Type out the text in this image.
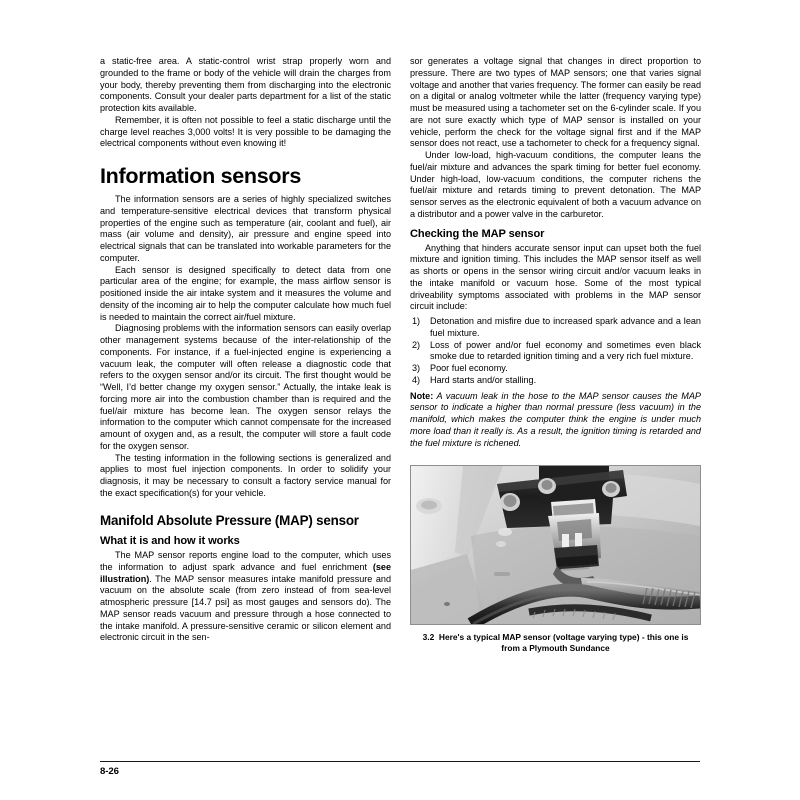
a static-free area. A static-control wrist strap properly worn and grounded to the frame or body of the vehicle will drain the charges from your body, thereby preventing them from discharging into the electronic components. Consult your dealer parts department for a list of the static protection kits available.

Remember, it is often not possible to feel a static discharge until the charge level reaches 3,000 volts! It is very possible to be damaging the electrical components without even knowing it!

Information sensors

The information sensors are a series of highly specialized switches and temperature-sensitive electrical devices that transform physical properties of the engine such as temperature (air, coolant and fuel), air mass (air volume and density), air pressure and engine speed into electrical signals that can be translated into workable parameters for the computer.

Each sensor is designed specifically to detect data from one particular area of the engine; for example, the mass airflow sensor is positioned inside the air intake system and it measures the volume and density of the incoming air to help the computer calculate how much fuel is needed to maintain the correct air/fuel mixture.

Diagnosing problems with the information sensors can easily overlap other management systems because of the inter-relationship of the components. For instance, if a fuel-injected engine is experiencing a vacuum leak, the computer will often release a diagnostic code that refers to the oxygen sensor and/or its circuit. The first thought would be “Well, I’d better change my oxygen sensor.” Actually, the intake leak is forcing more air into the combustion chamber than is required and the fuel/air mixture has become lean. The oxygen sensor relays the information to the computer which cannot compensate for the increased amount of oxygen and, as a result, the computer will store a fault code for the oxygen sensor.

The testing information in the following sections is generalized and applies to most fuel injection components. In order to solidify your diagnosis, it may be necessary to consult a factory service manual for the exact specification(s) for your vehicle.

Manifold Absolute Pressure (MAP) sensor
What it is and how it works

The MAP sensor reports engine load to the computer, which uses the information to adjust spark advance and fuel enrichment (see illustration). The MAP sensor measures intake manifold pressure and vacuum on the absolute scale (from zero instead of from sea-level atmospheric pressure [14.7 psi] as most gauges and sensors do). The MAP sensor reads vacuum and pressure through a hose connected to the intake manifold. A pressure-sensitive ceramic or silicon element and electronic circuit in the sen-

sor generates a voltage signal that changes in direct proportion to pressure. There are two types of MAP sensors; one that varies signal voltage and another that varies frequency. The former can easily be read on a digital or analog voltmeter while the latter (frequency varying type) must be measured using a tachometer set on the 6-cylinder scale. If you are not sure exactly which type of MAP sensor is installed on your vehicle, perform the check for the voltage signal first and if the MAP sensor does not react, use a tachometer to check for a frequency signal.

Under low-load, high-vacuum conditions, the computer leans the fuel/air mixture and advances the spark timing for better fuel economy. Under high-load, low-vacuum conditions, the computer richens the fuel/air mixture and retards timing to prevent detonation. The MAP sensor serves as the electronic equivalent of both a vacuum advance on a distributor and a power valve in the carburetor.

Checking the MAP sensor

Anything that hinders accurate sensor input can upset both the fuel mixture and ignition timing. This includes the MAP sensor itself as well as shorts or opens in the sensor wiring circuit and/or vacuum leaks in the intake manifold or vacuum hose. Some of the most typical driveability symptoms associated with problems in the MAP sensor circuit include:

1) Detonation and misfire due to increased spark advance and a lean fuel mixture.
2) Loss of power and/or fuel economy and sometimes even black smoke due to retarded ignition timing and a very rich fuel mixture.
3) Poor fuel economy.
4) Hard starts and/or stalling.
Note: A vacuum leak in the hose to the MAP sensor causes the MAP sensor to indicate a higher than normal pressure (less vacuum) in the manifold, which makes the computer think the engine is under much more load than it really is. As a result, the ignition timing is retarded and the fuel mixture is richened.
3.2 Here's a typical MAP sensor (voltage varying type) - this one is from a Plymouth Sundance
8-26
